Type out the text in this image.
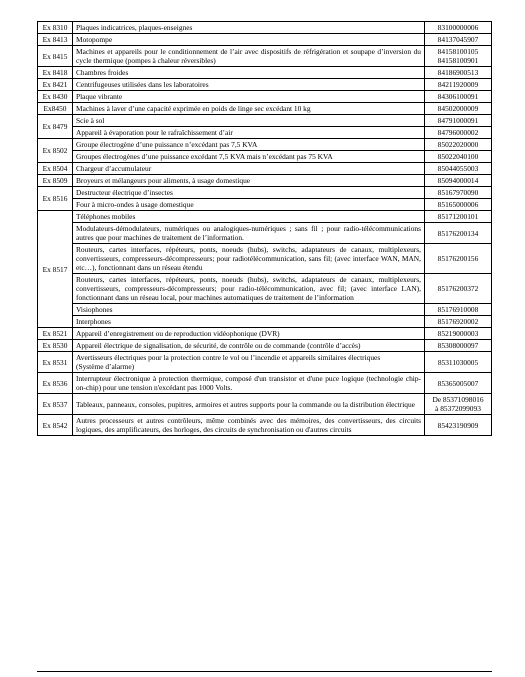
Ex 8310	Plaques indicatrices, plaques-enseignes	83100000006

Ex 8413	Motopompe	84137045907

Ex 8415	Machines et appareils pour le conditionnement de l’air avec dispositifs de réfrigération et soupape d’inversion du cycle thermique (pompes à chaleur réversibles)	84158100105
84158100901

Ex 8418	Chambres froides	84186900513

Ex 8421	Centrifugeuses utilisées dans les laboratoires	84211920009

Ex 8430	Plaque vibrante	84306100091

Ex8450	Machines à laver d’une capacité exprimée en poids de linge sec excédant 10 kg	84502000009

Ex 8479	Scie à sol	84791000091

	Appareil à évaporation pour le rafraîchissement d’air	84796000002

Ex 8502	Groupe électrogène d’une puissance n’excédant pas 7,5 KVA	85022020000

	Groupes électrogènes d’une puissance excédant 7,5 KVA mais n’excédant pas 75 KVA	85022040100

Ex 8504	Chargeur d’accumulateur	85044055003

Ex 8509	Broyeurs et mélangeurs pour aliments, à usage domestique	85094000014

Ex 8516	Destructeur électrique d’insectes	85167970090

	Four à micro-ondes à usage domestique	85165000006

Ex 8517	Téléphones mobiles	85171200101

	Modulateurs-démodulateurs, numériques ou analogiques-numériques ; sans fil ; pour radio-télécommunications autres que pour machines de traitement de l’information.	85176200134

	Routeurs, cartes interfaces, répéteurs, ponts, noeuds (hubs), switchs, adaptateurs de canaux, multiplexeurs, convertisseurs, compresseurs-décompresseurs; pour radiotélécommunication, sans fil; (avec interface WAN, MAN, etc…), fonctionnant dans un réseau étendu	85176200156

	Routeurs, cartes interfaces, répéteurs, ponts, noeuds (hubs), switchs, adaptateurs de canaux, multiplexeurs, convertisseurs, compresseurs-décompresseurs; pour radio-télécommunication, avec fil; (avec interface LAN), fonctionnant dans un réseau local, pour machines automatiques de traitement de l’information	85176200372

	Visiophones	85176910008

	Interphones	85176920002

Ex 8521	Appareil d’enregistrement ou de reproduction vidéophonique (DVR)	85219000003

Ex 8530	Appareil électrique de signalisation, de sécurité, de contrôle ou de commande (contrôle d’accès)	85308000097

Ex 8531	Avertisseurs électriques pour la protection contre le vol ou l’incendie et appareils similaires électriques
(Système d’alarme)	85311030005

Ex 8536	Interrupteur électronique à protection thermique, composé d'un transistor et d'une puce logique (technologie chip-on-chip) pour une tension n'excédant pas 1000 Volts.	85365005007

Ex 8537	Tableaux, panneaux, consoles, pupitres, armoires et autres supports pour la commande ou la distribution électrique	De 85371098016
à 85372099093

Ex 8542	Autres processeurs et autres contrôleurs, même combinés avec des mémoires, des convertisseurs, des circuits logiques, des amplificateurs, des horloges, des circuits de synchronisation ou d'autres circuits	85423190909
